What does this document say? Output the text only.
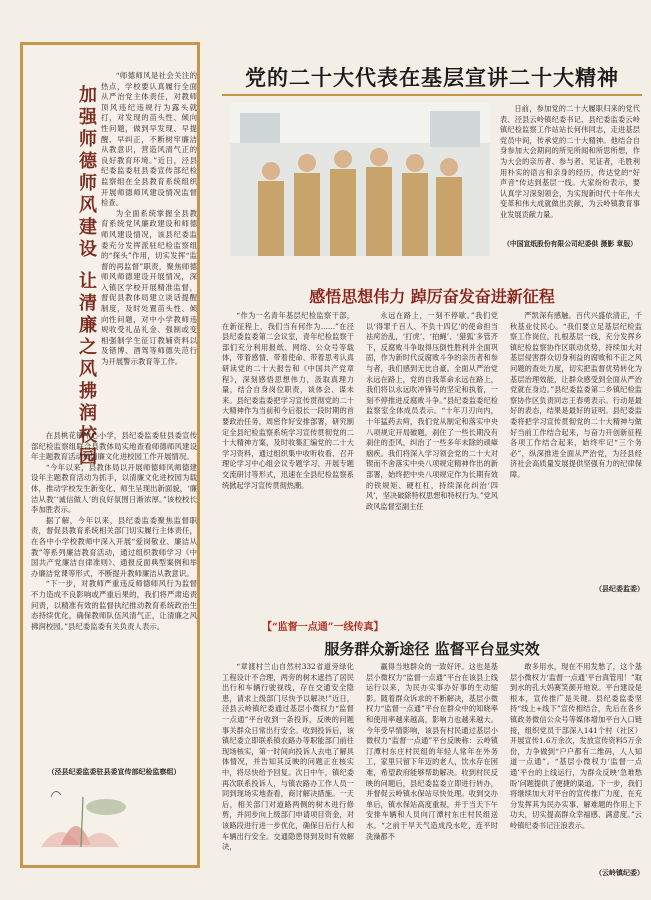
加强师德师风建设 让清廉之风拂润校园

“师德师风是社会关注的热点，学校要认真履行全面从严治党主体责任，对教师顶风违纪违规行为露头就打，对发现的苗头性、倾向性问题，做到早发现、早提醒、早纠正，不断树牢廉洁从教意识，营造风清气正的良好教育环境。”近日，泾县纪委监委驻县委宣传部纪检监察组在全县教育系统组织开展师德师风建设情况监督检查。

为全面系统掌握全县教育系统党风廉政建设和师德师风建设情况，该县纪委监委充分发挥派驻纪检监察组的“探头”作用，切实发挥“监督的再监督”职责，聚焦师德师风师德建设开展情况，深入镇区学校开展精准监督，督促县教体局建立谈话提醒制度，及时处置苗头性、倾向性问题，对中小学教师违规收受礼品礼金、强制或变相强制学生征订教辅资料以及错博、酒驾等师德失范行为开展警示教育等工作。

在县桃花镇中心小学，县纪委监委驻县委宣传部纪检监察组联合县教体局实地查看师德师风建设年主题教育活动和清廉文化进校园工作开展情况。

“今年以来，县教体局以开展师德师风师德建设年主题教育活动为抓手，以清廉文化进校园为载体，推动学校发生新变化、师生呈现出新面貌，‘廉洁从教’‘诚信做人’的良好氛围日渐浓厚。”该校校长李加胜表示。

据了解，今年以来，县纪委监委聚焦监督职责，督促县教育系统相关部门切实履行主体责任，在各中小学校教师中深入开展“爱岗敬业、廉洁从教”等系列廉洁教育活动，通过组织教师学习《中国共产党廉洁自律准则》、通报反面典型案例和举办廉洁党课等形式，不断提升教师廉洁从教意识。

“下一步，对教师严重违反师德师风行为监督不力造成不良影响或严重后果的，我们将严肃追责问责，以精准有效的监督执纪推动教育系统政治生态持续优化，确保教师队伍风清气正，让清廉之风拂润校园。”县纪委监委有关负责人表示。

（泾县纪委监委驻县委宣传部纪检监察组）
党的二十大代表在基层宣讲二十大精神

日前，参加党的二十大履职归来的党代表、泾县云岭镇纪委书记、县纪委监委云岭镇纪检监察工作站站长何伟同志，走进基层党员中间，传承党的二十大精神。他结合自身参加大会期间的所见所闻和所思所想，作为大会的亲历者、参与者、见证者，毛胜利用朴实的语言和亲身的经历，传达党的“好声音”传达到基层一线。大家纷纷表示，要认真学习深刻领会，为实现新时代十年伟大变革和伟大成就做出贡献，为云岭镇教育事业发展贡献力量。

（中国宣纸股份有限公司纪委供 摄影 章服）
感悟思想伟力 踔厉奋发奋进新征程

“作为一名青年基层纪检监察干部，在新征程上，我们当有何作为……”在泾县纪委监委第二会议室，青年纪检监察干部们充分利用报纸、网络、公众号等载体，带着感情、带着使命、带着思考认真研读党的二十大报告和《中国共产党章程》，深刻感悟思想伟力，汲取真理力量，结合自身岗位职责，谈体会、谋未来。县纪委监委把学习宣传贯彻党的二十大精神作为当前和今后很长一段时期的首要政治任务，周密作好安排部署，研究制定全县纪检监察系统学习宣传贯彻党的二十大精神方案，及时收集汇编党的二十大学习资料，通过组织集中收听收看、召开理论学习中心组会议专题学习、开展专题交流研讨等形式，迅速在全县纪检监察系统掀起学习宣传贯彻热潮。

永远在路上，一刻不停歇。”我们党以‘得罪千百人、不负十四亿’的使命担当祛疴治乱，‘打虎’、‘拍蝇’、‘猎狐’多管齐下，反腐败斗争取得压倒性胜利并全面巩固，作为新时代反腐败斗争的亲历者和参与者，我们感到无比自豪。全面从严治党永远在路上，党的自我革命永远在路上，我们将以永远吹冲锋号的坚定和执着，一刻不停推进反腐败斗争。”县纪委监委纪检监察室全体成员表示。“十年刀刃向内，十年猛药去疴，我们党从制定和落实中央八项规定开局破题，刹住了一些长期没有刹住的歪风，纠治了一些多年未除的顽瘴痼疾。我们将深入学习领会党的二十大对锲而不舍落实中央八项规定精神作出的新部署，始终把中央八项规定作为长期有效的铁规矩、硬杠杠，持续深化纠治‘四风’，坚决破除特权思想和特权行为。”党风政风监督室副主任

严凯深有感触。百代兴盛依清正，千秋基业仗民心。“我们要立足基层纪检监察工作岗位，扎根基层一线，充分发挥乡镇纪检监察协作区联动优势，持续加大对基层侵害群众切身利益的腐败和不正之风问题的查处力度，切实把监督优势转化为基层治理效能，让群众感受到全面从严治党就在身边。”县纪委监委第二乡镇纪检监察协作区负责同志王春勇表示。行动是最好的表态，结果是最好的证明。县纪委监委将把学习宣传贯彻党的二十大精神与做好当前工作结合起来，与奋力开创新征程各项工作结合起来，始终牢记“三个务必”，纵深推进全面从严治党，为泾县经济社会高质量发展提供坚强有力的纪律保障。

（县纪委监委）
【“监督一点通”一线传真】
服务群众新途径 监督平台显实效

“章渡村兰山自然村332省道旁绿化工程设计不合理，两旁的树木遮挡了居民出行和车辆行驶视线，存在交通安全隐患，请求上级部门尽快予以解决!”近日，泾县云岭镇纪委通过基层小微权力“监督一点通”平台收到一条投诉，反映的问题事关群众日常出行安全。收到投诉后，该镇纪委立即联系镇农路办等职能部门前往现场核实，第一时间向投诉人去电了解具体情况，并告知其反映的问题正在核实中，将尽快给予回复。次日中午，镇纪委再次联系投诉人，与镇农路办工作人员一同到现场实地查看，商讨解决措施。一天后，相关部门对道路两侧的树木进行修剪，并同步向上级部门申请项目资金，对该路段进行进一步优化，确保日后行人和车辆出行安全。交通隐患得到及时有效解决，

赢得当地群众的一致好评。这也是基层小微权力“监督一点通”平台在该县上线运行以来，为民办实事办好事的生动缩影。随着群众诉求的不断解决，基层小微权力“监督一点通”平台在群众中的知晓率和使用率越来越高，影响力也越来越大。今年受早情影响，该县有村民通过基层小微权力“监督一点通”平台反映称：云岭镇汀潭村东庄村民组的年轻人常年在外务工，家里只留下年迈的老人，饮水存在困难，希望政府能够帮助解决。收到村民反映的问题后，县纪委监委立即进行转办，并督促云岭镇水保站尽快处理。收到交办单后，镇水保站高度重视，并于当天下午安排车辆和人员向汀潭村东庄村民组送水。“之前干旱天气造成没水吃，连平时洗澡都不

敢多用水，现在不用发愁了，这个基层小微权力‘监督一点通’平台真管用！”取到水的孔大妈赛笑颜开地说。平台建设是根本，宣传推广是关键。县纪委监委坚持“线上+线下”宣传相结合，先后在各乡镇政务微信公众号等媒体增加平台入口链接，组织党员干部深入141个村（社区）开展宣传1.6万余次，发放宣传资料5万余份，力争做到“户户都有二维码，人人知道一点通”。“基层小微权力‘监督一点通’平台的上线运行，为群众反映‘急难愁盼’问题提供了便捷的渠道。下一步，我们将继续加大对平台的宣传推广力度，在充分发挥其为民办实事、解难题的作用上下功夫，切实提高群众幸福感、满意度。”云岭镇纪委书记汪浪表示。

（云岭镇纪委）
